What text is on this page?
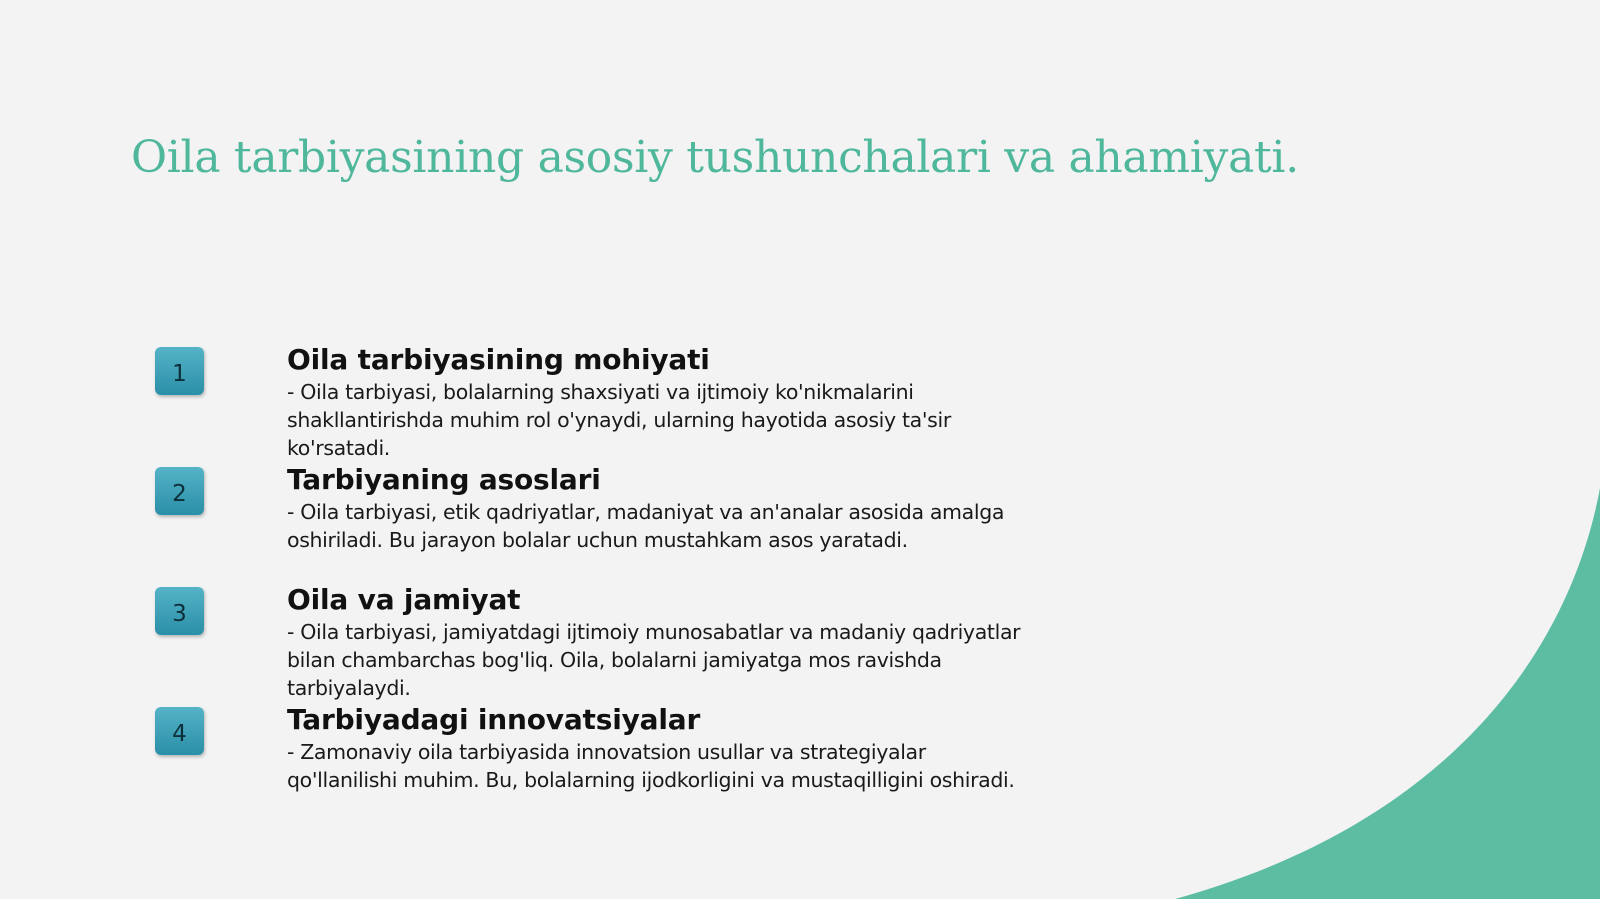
Oila tarbiyasining asosiy tushunchalari va ahamiyati.
1	Oila tarbiyasining mohiyati

- Oila tarbiyasi, bolalarning shaxsiyati va ijtimoiy ko'nikmalarini
shakllantirishda muhim rol o'ynaydi, ularning hayotida asosiy ta'sir
ko'rsatadi.

2	Tarbiyaning asoslari

- Oila tarbiyasi, etik qadriyatlar, madaniyat va an'analar asosida amalga
oshiriladi. Bu jarayon bolalar uchun mustahkam asos yaratadi.

3	Oila va jamiyat

- Oila tarbiyasi, jamiyatdagi ijtimoiy munosabatlar va madaniy qadriyatlar
bilan chambarchas bog'liq. Oila, bolalarni jamiyatga mos ravishda
tarbiyalaydi.

4	Tarbiyadagi innovatsiyalar

- Zamonaviy oila tarbiyasida innovatsion usullar va strategiyalar
qo'llanilishi muhim. Bu, bolalarning ijodkorligini va mustaqilligini oshiradi.
